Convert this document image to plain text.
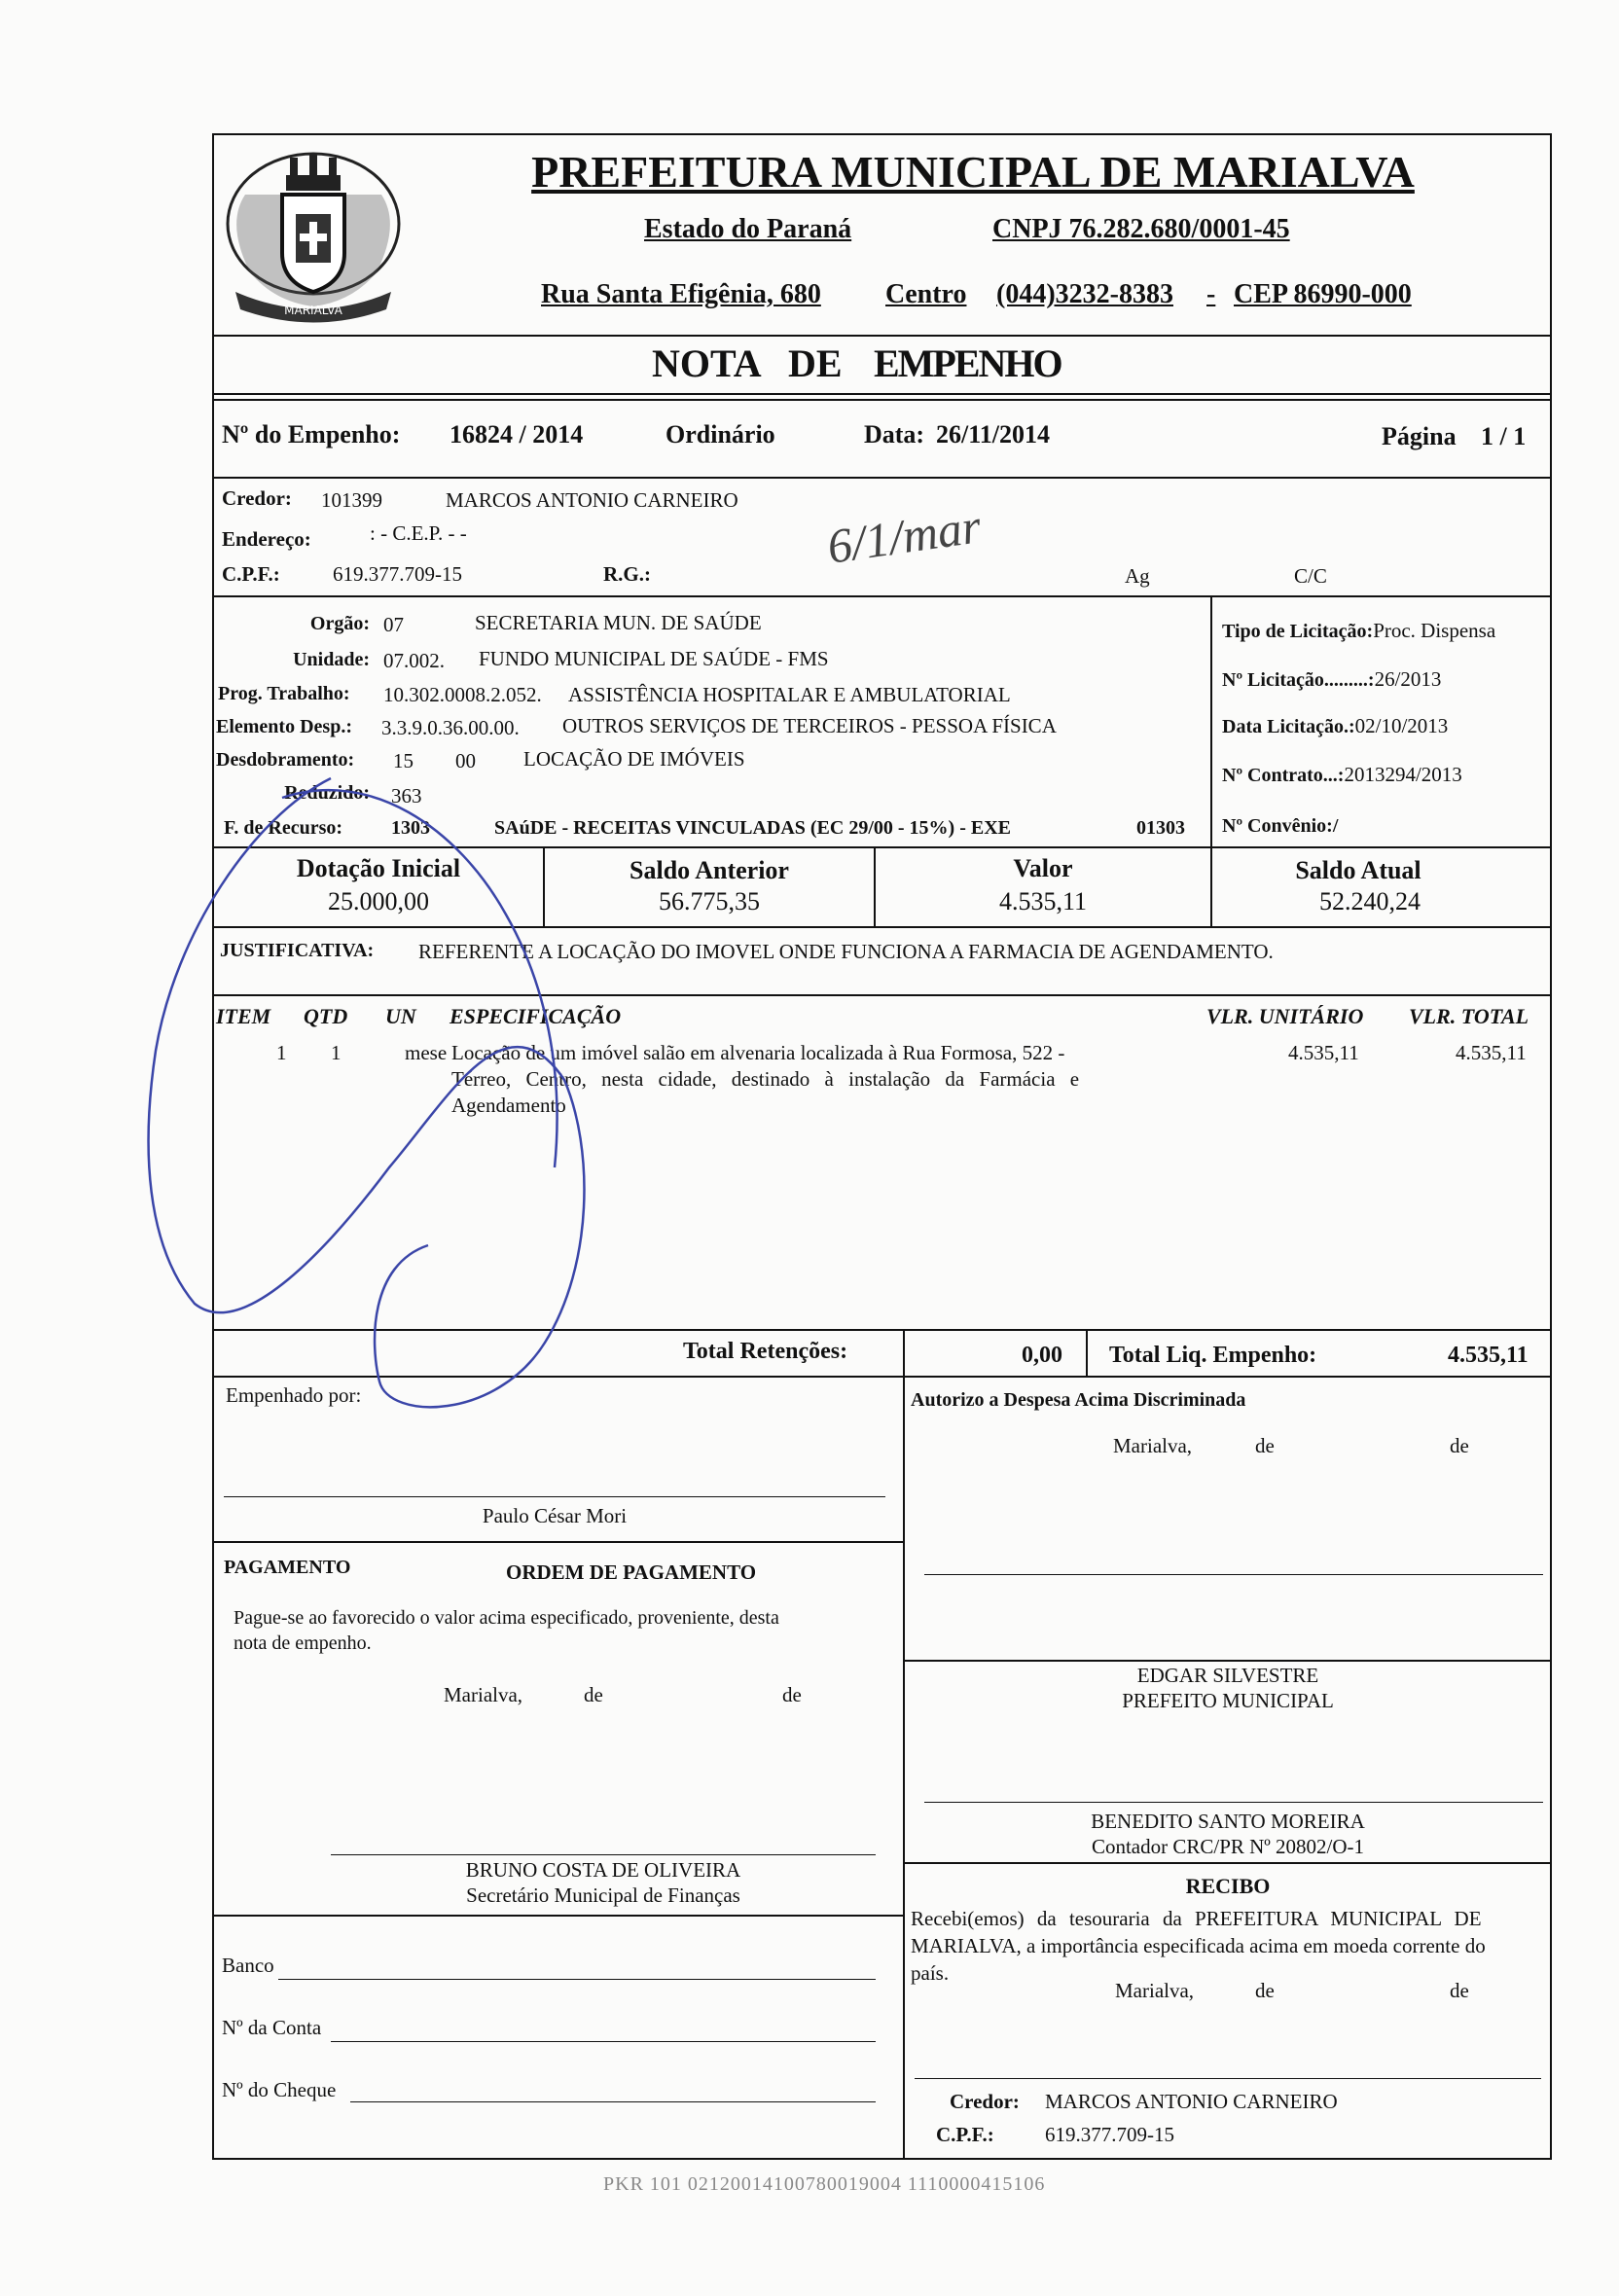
MARIALVA
PREFEITURA MUNICIPAL DE MARIALVA
Estado do Paraná	CNPJ 76.282.680/0001-45
Rua Santa Efigênia, 680 Centro (044)3232-8383 - CEP 86990-000
NOTA DE EMPENHO
Nº do Empenho: 16824 / 2014	Ordinário	Data: 26/11/2014	Página 1 / 1
Credor: 101399	MARCOS ANTONIO CARNEIRO
Endereço:	: - C.E.P. - -
C.P.F.:	619.377.709-15	R.G.:	Ag	C/C
6/1/mar
Orgão: 07	SECRETARIA MUN. DE SAÚDE
Unidade: 07.002. FUNDO MUNICIPAL DE SAÚDE - FMS
Prog. Trabalho: 10.302.0008.2.052. ASSISTÊNCIA HOSPITALAR E AMBULATORIAL
Elemento Desp.: 3.3.9.0.36.00.00. OUTROS SERVIÇOS DE TERCEIROS - PESSOA FÍSICA
Desdobramento: 15 00 LOCAÇÃO DE IMÓVEIS
Reduzido: 363
F. de Recurso: 1303	SAúDE - RECEITAS VINCULADAS (EC 29/00 - 15%) - EXE	01303
Tipo de Licitação:Proc. Dispensa
Nº Licitação.........:26/2013
Data Licitação.:02/10/2013
Nº Contrato...:2013294/2013
Nº Convênio:/
Dotação Inicial
25.000,00
Saldo Anterior
56.775,35
Valor
4.535,11
Saldo Atual
52.240,24
JUSTIFICATIVA: REFERENTE A LOCAÇÃO DO IMOVEL ONDE FUNCIONA A FARMACIA DE AGENDAMENTO.
ITEM QTD UN ESPECIFICAÇÃO	VLR. UNITÁRIO VLR. TOTAL
1 1	mese Locação de um imóvel salão em alvenaria localizada à Rua Formosa, 522 -
Térreo, Centro, nesta cidade, destinado à instalação da Farmácia e
Agendamento
4.535,11	4.535,11
Total Retenções:	0,00 Total Liq. Empenho:	4.535,11
Empenhado por:
Paulo César Mori
Autorizo a Despesa Acima Discriminada
Marialva,	de	de
PAGAMENTO	ORDEM DE PAGAMENTO
Pague-se ao favorecido o valor acima especificado, proveniente, desta
nota de empenho.
Marialva,	de	de
EDGAR SILVESTRE
PREFEITO MUNICIPAL
BENEDITO SANTO MOREIRA
Contador CRC/PR Nº 20802/O-1
BRUNO COSTA DE OLIVEIRA
Secretário Municipal de Finanças	RECIBO
Recebi(emos) da tesouraria da PREFEITURA MUNICIPAL DE
MARIALVA, a importância especificada acima em moeda corrente do
país.
Marialva,	de	de
Credor: MARCOS ANTONIO CARNEIRO
C.P.F.: 619.377.709-15
Banco
Nº da Conta
Nº do Cheque
PKR 101 02120014100780019004 1110000415106
